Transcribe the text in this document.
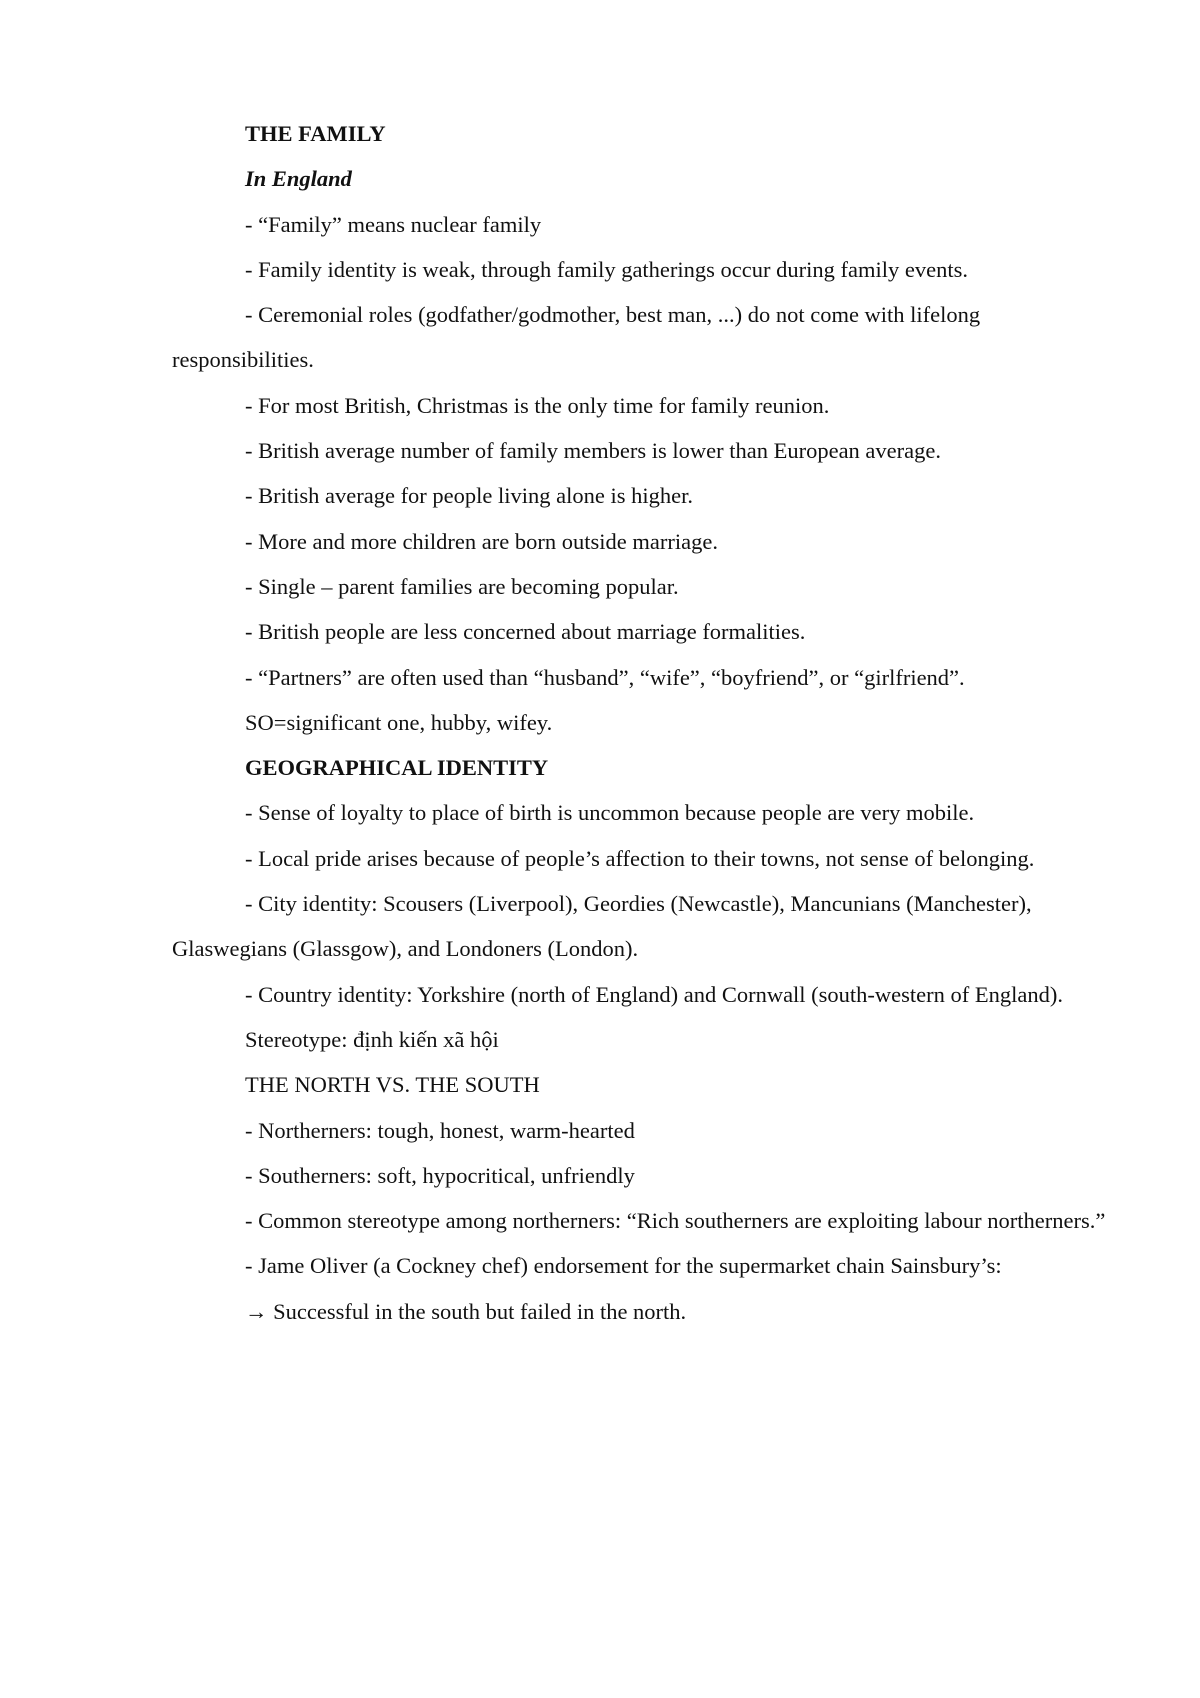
THE FAMILY

In England

- “Family” means nuclear family

- Family identity is weak, through family gatherings occur during family events.

- Ceremonial roles (godfather/godmother, best man, ...) do not come with lifelong responsibilities.

- For most British, Christmas is the only time for family reunion.

- British average number of family members is lower than European average.

- British average for people living alone is higher.

- More and more children are born outside marriage.

- Single – parent families are becoming popular.

- British people are less concerned about marriage formalities.

- “Partners” are often used than “husband”, “wife”, “boyfriend”, or “girlfriend”.

SO=significant one, hubby, wifey.

GEOGRAPHICAL IDENTITY

- Sense of loyalty to place of birth is uncommon because people are very mobile.

- Local pride arises because of people’s affection to their towns, not sense of belonging.

- City identity: Scousers (Liverpool), Geordies (Newcastle), Mancunians (Manchester), Glaswegians (Glassgow), and Londoners (London).

- Country identity: Yorkshire (north of England) and Cornwall (south-western of England).

Stereotype: định kiến xã hội

THE NORTH VS. THE SOUTH

- Northerners: tough, honest, warm-hearted

- Southerners: soft, hypocritical, unfriendly

- Common stereotype among northerners: “Rich southerners are exploiting labour northerners.”

- Jame Oliver (a Cockney chef) endorsement for the supermarket chain Sainsbury’s:

→ Successful in the south but failed in the north.
